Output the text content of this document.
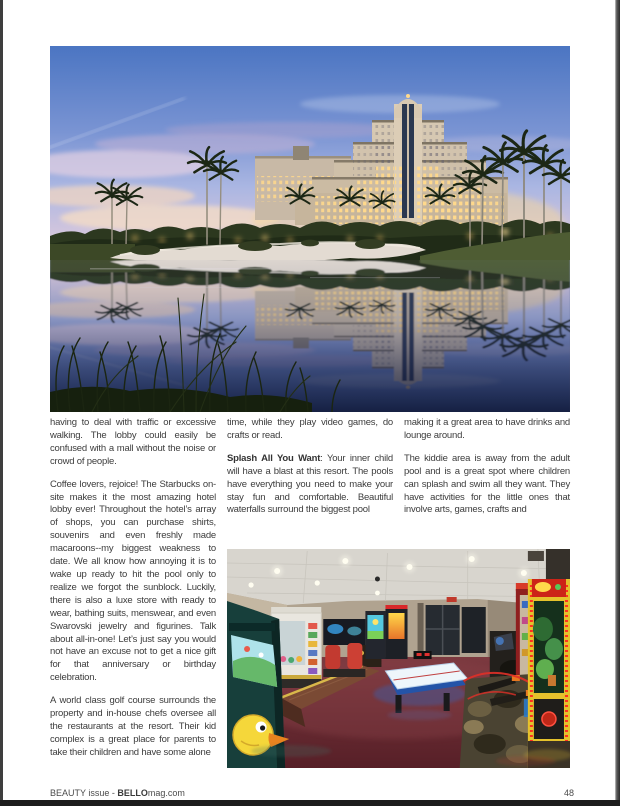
having to deal with traffic or excessive walking. The lobby could easily be confused with a mall without the noise or crowd of people.

Coffee lovers, rejoice! The Starbucks on-site makes it the most amazing hotel lobby ever! Throughout the hotel’s array of shops, you can purchase shirts, souvenirs and even freshly made macaroons--my biggest weakness to date. We all know how annoying it is to wake up ready to hit the pool only to realize we forgot the sunblock. Luckily, there is also a luxe store with ready to wear, bathing suits, menswear, and even Swarovski jewelry and figurines. Talk about all-in-one! Let’s just say you would not have an excuse not to get a nice gift for that anniversary or birthday celebration.

A world class golf course surrounds the property and in-house chefs oversee all the restaurants at the resort. Their kid complex is a great place for parents to take their children and have some alone

time, while they play video games, do crafts or read.

Splash All You Want: Your inner child will have a blast at this resort. The pools have everything you need to make your stay fun and comfortable. Beautiful waterfalls surround the biggest pool

making it a great area to have drinks and lounge around.

The kiddie area is away from the adult pool and is a great spot where children can splash and swim all they want. They have activities for the little ones that involve arts, games, crafts and

BEAUTY issue - BELLOmag.com	48
